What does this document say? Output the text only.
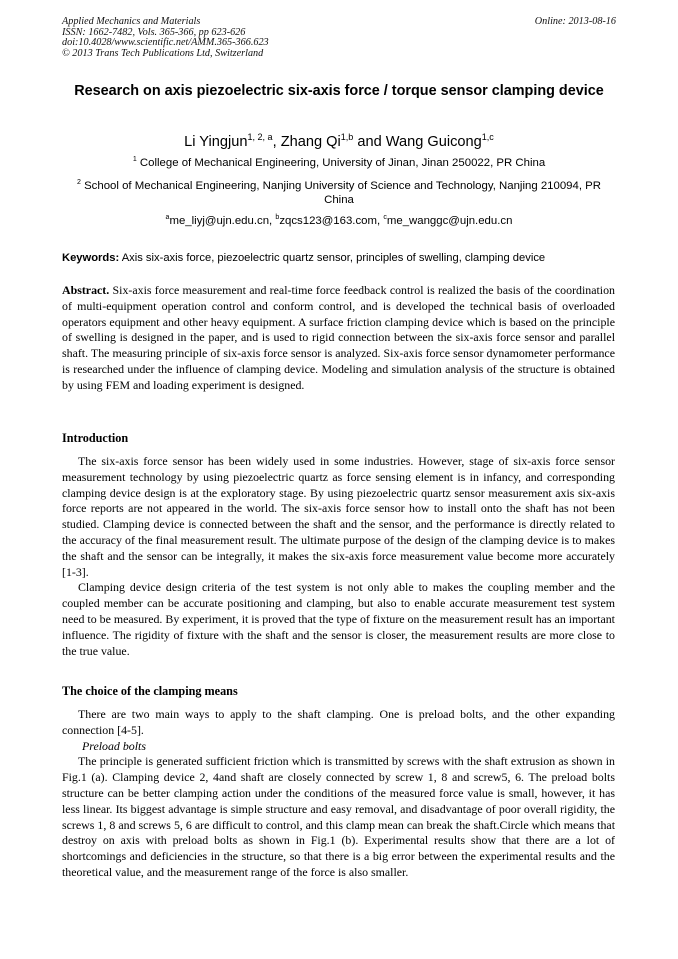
Applied Mechanics and Materials
ISSN: 1662-7482, Vols. 365-366, pp 623-626
doi:10.4028/www.scientific.net/AMM.365-366.623
© 2013 Trans Tech Publications Ltd, Switzerland
Online: 2013-08-16
Research on axis piezoelectric six-axis force / torque sensor clamping device
Li Yingjun$^{1, 2, a}$, Zhang Qi$^{1,b}$ and Wang Guicong$^{1,c}$
$^1$ College of Mechanical Engineering, University of Jinan, Jinan 250022, PR China
$^2$ School of Mechanical Engineering, Nanjing University of Science and Technology, Nanjing 210094, PR China
$^a$me_liyj@ujn.edu.cn, $^b$zqcs123@163.com, $^c$me_wanggc@ujn.edu.cn
Keywords: Axis six-axis force, piezoelectric quartz sensor, principles of swelling, clamping device

Abstract. Six-axis force measurement and real-time force feedback control is realized the basis of the coordination of multi-equipment operation control and conform control, and is developed the technical basis of overloaded operators equipment and other heavy equipment. A surface friction clamping device which is based on the principle of swelling is designed in the paper, and is used to rigid connection between the six-axis force sensor and parallel shaft. The measuring principle of six-axis force sensor is analyzed. Six-axis force sensor dynamometer performance is researched under the influence of clamping device. Modeling and simulation analysis of the structure is obtained by using FEM and loading experiment is designed.

Introduction

The six-axis force sensor has been widely used in some industries. However, stage of six-axis force sensor measurement technology by using piezoelectric quartz as force sensing element is in infancy, and corresponding clamping device design is at the exploratory stage. By using piezoelectric quartz sensor measurement axis six-axis force reports are not appeared in the world. The six-axis force sensor how to install onto the shaft has not been studied. Clamping device is connected between the shaft and the sensor, and the performance is directly related to the accuracy of the final measurement result. The ultimate purpose of the design of the clamping device is to makes the shaft and the sensor can be integrally, it makes the six-axis force measurement value become more accurately [1-3].

Clamping device design criteria of the test system is not only able to makes the coupling member and the coupled member can be accurate positioning and clamping, but also to enable accurate measurement test system need to be measured. By experiment, it is proved that the type of fixture on the measurement result has an important influence. The rigidity of fixture with the shaft and the sensor is closer, the measurement results are more close to the true value.

The choice of the clamping means

There are two main ways to apply to the shaft clamping. One is preload bolts, and the other expanding connection [4-5].

Preload bolts

The principle is generated sufficient friction which is transmitted by screws with the shaft extrusion as shown in Fig.1 (a). Clamping device 2, 4and shaft are closely connected by screw 1, 8 and screw5, 6. The preload bolts structure can be better clamping action under the conditions of the measured force value is small, however, it has less linear. Its biggest advantage is simple structure and easy removal, and disadvantage of poor overall rigidity, the screws 1, 8 and screws 5, 6 are difficult to control, and this clamp mean can break the shaft.Circle which means that destroy on axis with preload bolts as shown in Fig.1 (b). Experimental results show that there are a lot of shortcomings and deficiencies in the structure, so that there is a big error between the experimental results and the theoretical value, and the measurement range of the force is also smaller.
